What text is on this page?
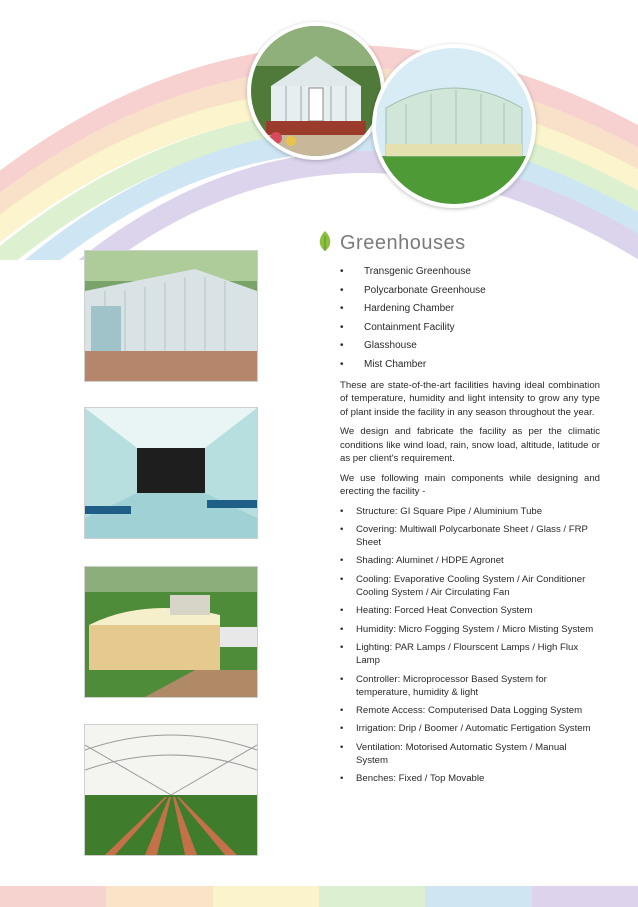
Greenhouses
• Transgenic Greenhouse
• Polycarbonate Greenhouse
• Hardening Chamber
• Containment Facility
• Glasshouse
• Mist Chamber

These are state-of-the-art facilities having ideal combination of temperature, humidity and light intensity to grow any type of plant inside the facility in any season throughout the year.

We design and fabricate the facility as per the climatic conditions like wind load, rain, snow load, altitude, latitude or as per client's requirement.

We use following main components while designing and erecting the facility -

• Structure: GI Square Pipe / Aluminium Tube
• Covering: Multiwall Polycarbonate Sheet / Glass / FRP Sheet
• Shading: Aluminet / HDPE Agronet
• Cooling: Evaporative Cooling System / Air Conditioner Cooling System / Air Circulating Fan
• Heating: Forced Heat Convection System
• Humidity: Micro Fogging System / Micro Misting System
• Lighting: PAR Lamps / Flourscent Lamps / High Flux Lamp
• Controller: Microprocessor Based System for temperature, humidity & light
• Remote Access: Computerised Data Logging System
• Irrigation: Drip / Boomer / Automatic Fertigation System
• Ventilation: Motorised Automatic System / Manual System
• Benches: Fixed / Top Movable
